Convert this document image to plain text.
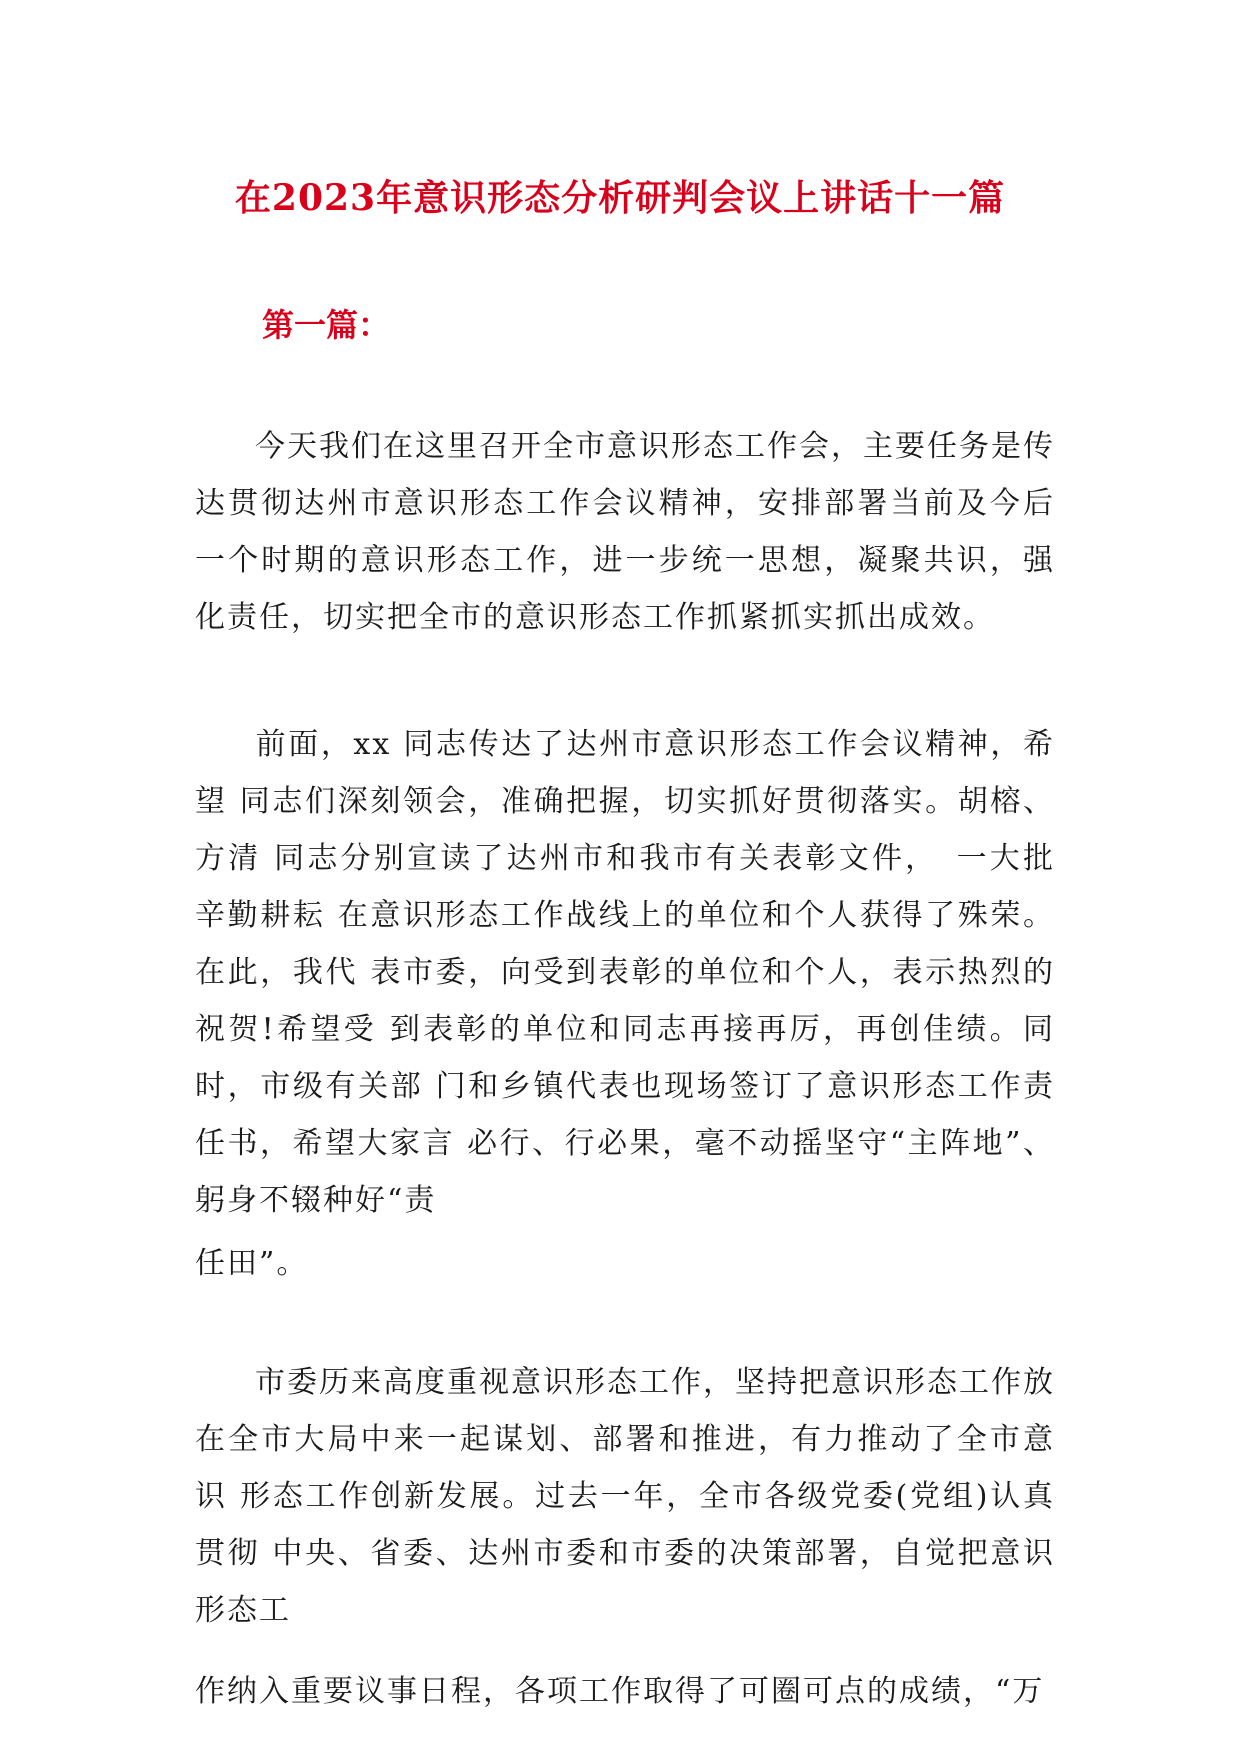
在2023年意识形态分析研判会议上讲话十一篇
第一篇：

今天我们在这里召开全市意识形态工作会，主要任务是传达贯彻达州市意识形态工作会议精神，安排部署当前及今后一个时期的意识形态工作，进一步统一思想，凝聚共识，强化责任，切实把全市的意识形态工作抓紧抓实抓出成效。

前面，xx 同志传达了达州市意识形态工作会议精神，希望 同志们深刻领会，准确把握，切实抓好贯彻落实。胡榕、方清 同志分别宣读了达州市和我市有关表彰文件，　一大批辛勤耕耘 在意识形态工作战线上的单位和个人获得了殊荣。在此，我代 表市委，向受到表彰的单位和个人，表示热烈的祝贺!希望受 到表彰的单位和同志再接再厉，再创佳绩。同时，市级有关部 门和乡镇代表也现场签订了意识形态工作责任书，希望大家言 必行、行必果，毫不动摇坚守“主阵地”、躬身不辍种好“责

任田”。

市委历来高度重视意识形态工作，坚持把意识形态工作放 在全市大局中来一起谋划、部署和推进，有力推动了全市意识 形态工作创新发展。过去一年，全市各级党委(党组)认真贯彻 中央、省委、达州市委和市委的决策部署，自觉把意识形态工

作纳入重要议事日程，各项工作取得了可圈可点的成绩，“万
